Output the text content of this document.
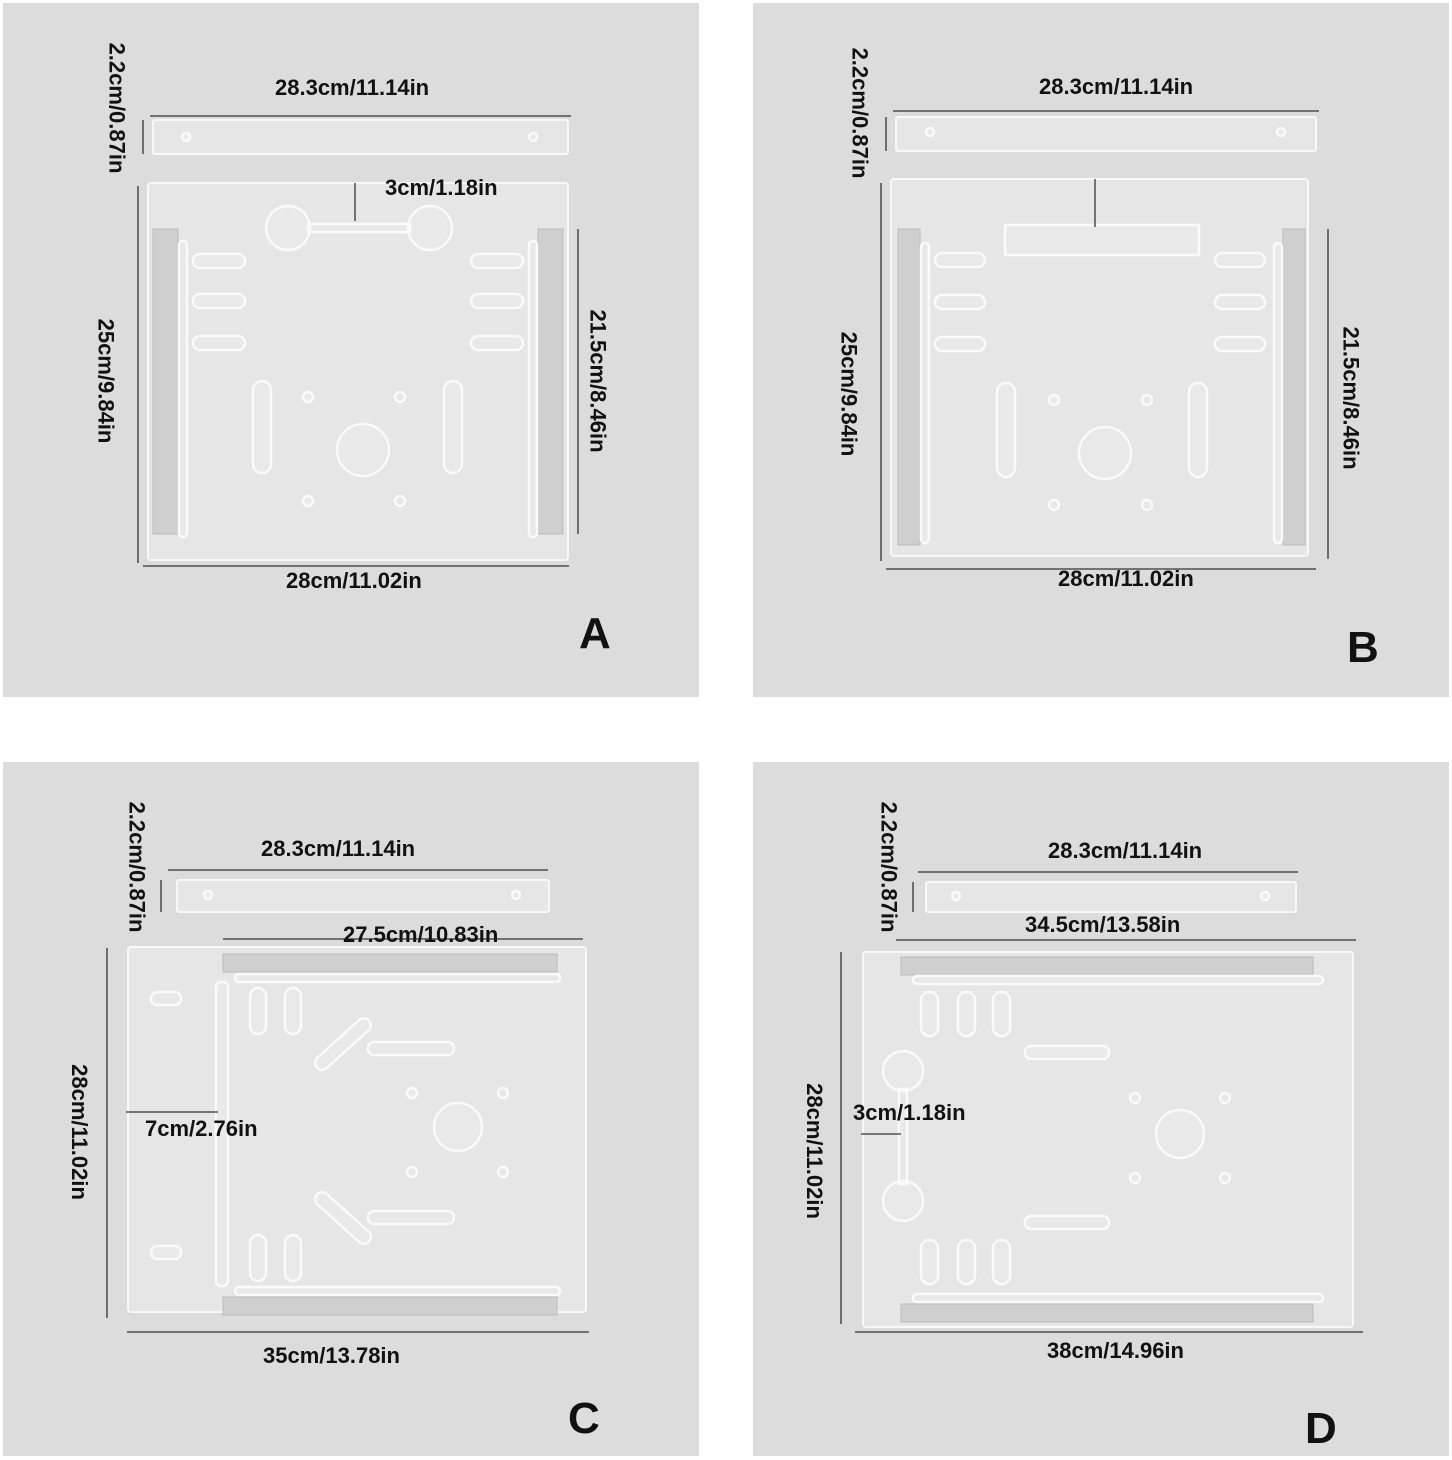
28.3cm/11.14in
2.2cm/0.87in
3cm/1.18in
25cm/9.84in	21.5cm/8.46in
28cm/11.02in
A
28.3cm/11.14in
2.2cm/0.87in
25cm/9.84in	21.5cm/8.46in
28cm/11.02in
B
28.3cm/11.14in
2.2cm/0.87in
27.5cm/10.83in
7cm/2.76in
28cm/11.02in
35cm/13.78in
C
28.3cm/11.14in
2.2cm/0.87in	34.5cm/13.58in
3cm/1.18in
28cm/11.02in
38cm/14.96in
D
